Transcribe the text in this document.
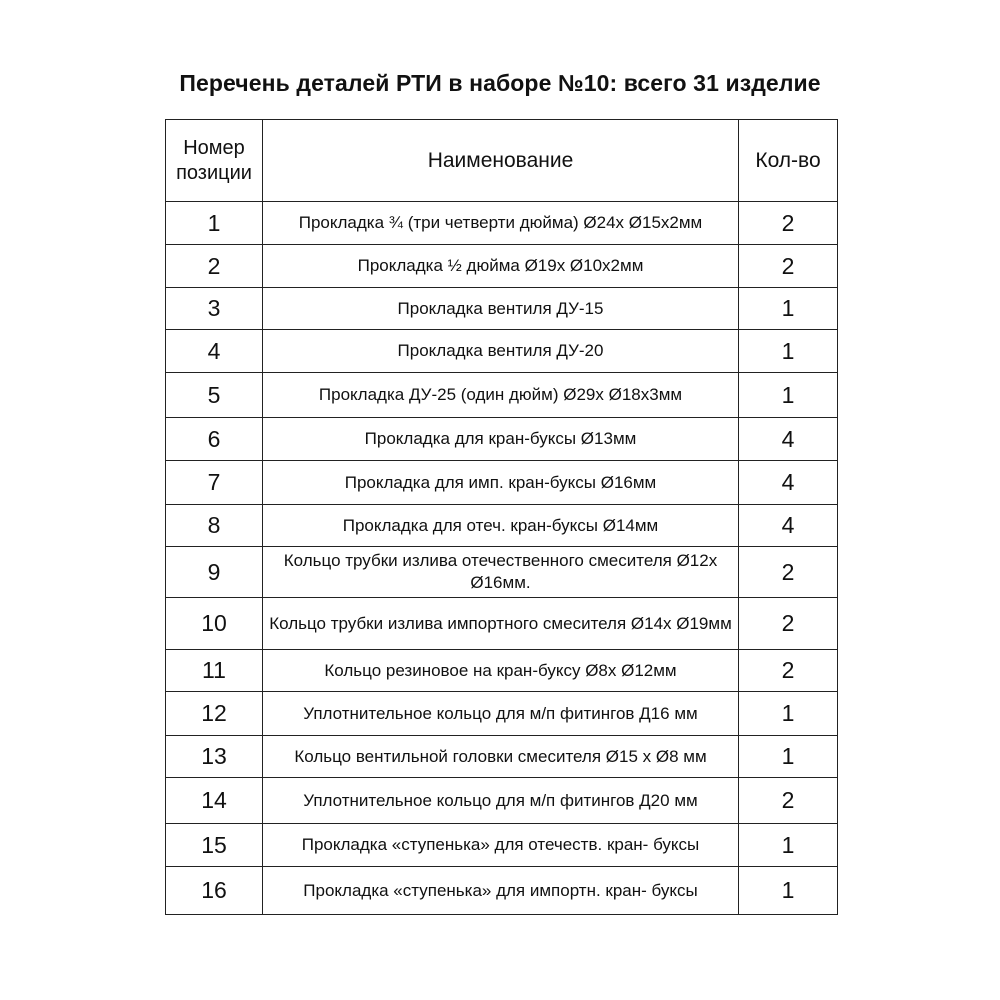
Перечень деталей РТИ в наборе №10: всего 31 изделие
Номер
позиции	Наименование	Кол-во
1	Прокладка ¾ (три четверти дюйма) Ø24х Ø15х2мм	2
2	Прокладка ½ дюйма Ø19х Ø10х2мм	2
3	Прокладка вентиля ДУ-15	1
4	Прокладка вентиля ДУ-20	1
5	Прокладка ДУ-25 (один дюйм) Ø29х Ø18х3мм	1
6	Прокладка для кран-буксы Ø13мм	4
7	Прокладка для имп. кран-буксы Ø16мм	4
8	Прокладка для отеч. кран-буксы Ø14мм	4
9	Кольцо трубки излива отечественного смесителя Ø12х Ø16мм.	2
10	Кольцо трубки излива импортного смесителя Ø14х Ø19мм	2
11	Кольцо резиновое на кран-буксу Ø8х Ø12мм	2
12	Уплотнительное кольцо для м/п фитингов Д16 мм	1
13	Кольцо вентильной головки смесителя Ø15 х Ø8 мм	1
14	Уплотнительное кольцо для м/п фитингов Д20 мм	2
15	Прокладка «ступенька» для отечеств. кран- буксы	1
16	Прокладка «ступенька» для импортн. кран- буксы	1
